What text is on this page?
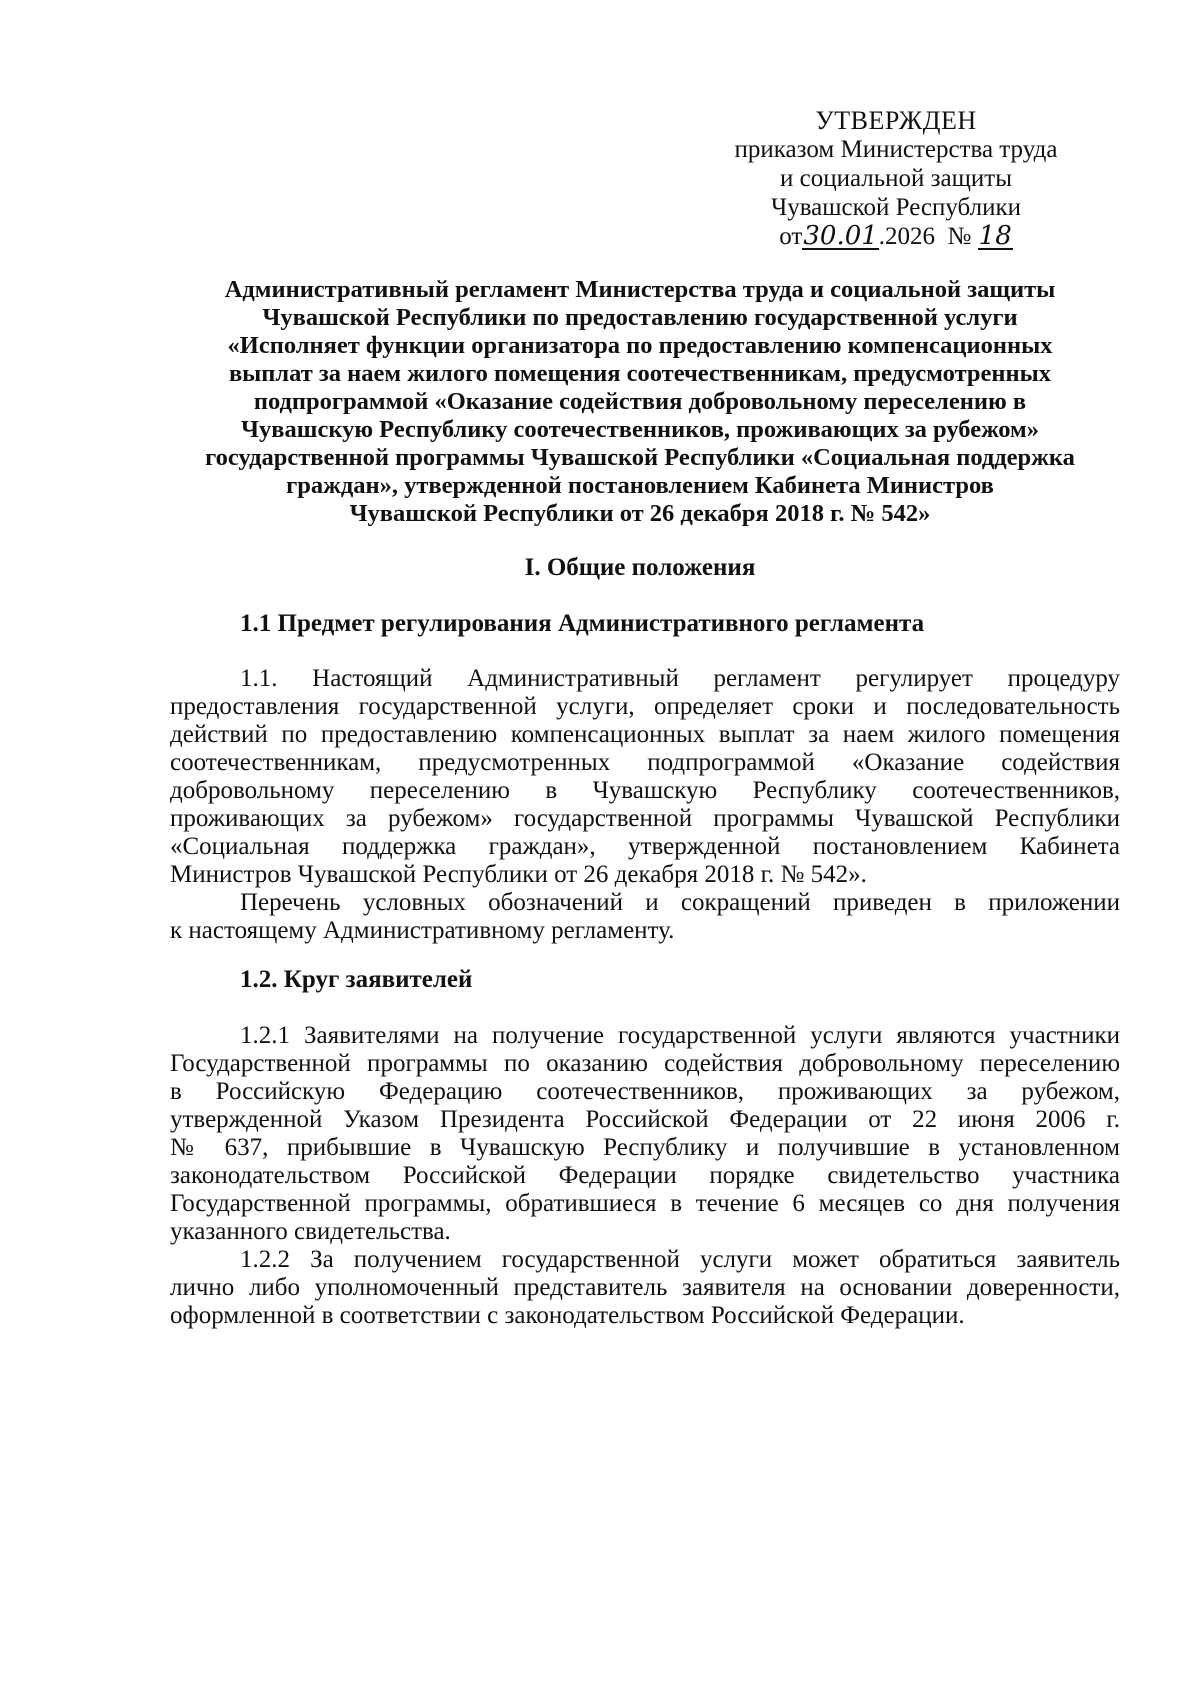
УТВЕРЖДЕН
приказом Министерства труда
и социальной защиты
Чувашской Республики
от30.01.2026 № 18
Административный регламент Министерства труда и социальной защиты
Чувашской Республики по предоставлению государственной услуги
«Исполняет функции организатора по предоставлению компенсационных
выплат за наем жилого помещения соотечественникам, предусмотренных
подпрограммой «Оказание содействия добровольному переселению в
Чувашскую Республику соотечественников, проживающих за рубежом»
государственной программы Чувашской Республики «Социальная поддержка
граждан», утвержденной постановлением Кабинета Министров
Чувашской Республики от 26 декабря 2018 г. № 542»
I. Общие положения
1.1 Предмет регулирования Административного регламента
1.1. Настоящий Административный регламент регулирует процедуру
предоставления государственной услуги, определяет сроки и последовательность
действий по предоставлению компенсационных выплат за наем жилого помещения
соотечественникам, предусмотренных подпрограммой «Оказание содействия
добровольному переселению в Чувашскую Республику соотечественников,
проживающих за рубежом» государственной программы Чувашской Республики
«Социальная поддержка граждан», утвержденной постановлением Кабинета
Министров Чувашской Республики от 26 декабря 2018 г. № 542».
Перечень условных обозначений и сокращений приведен в приложении
к настоящему Административному регламенту.
1.2. Круг заявителей
1.2.1 Заявителями на получение государственной услуги являются участники
Государственной программы по оказанию содействия добровольному переселению
в Российскую Федерацию соотечественников, проживающих за рубежом,
утвержденной Указом Президента Российской Федерации от 22 июня 2006 г.
№ 637, прибывшие в Чувашскую Республику и получившие в установленном
законодательством Российской Федерации порядке свидетельство участника
Государственной программы, обратившиеся в течение 6 месяцев со дня получения
указанного свидетельства.
1.2.2 За получением государственной услуги может обратиться заявитель
лично либо уполномоченный представитель заявителя на основании доверенности,
оформленной в соответствии с законодательством Российской Федерации.
